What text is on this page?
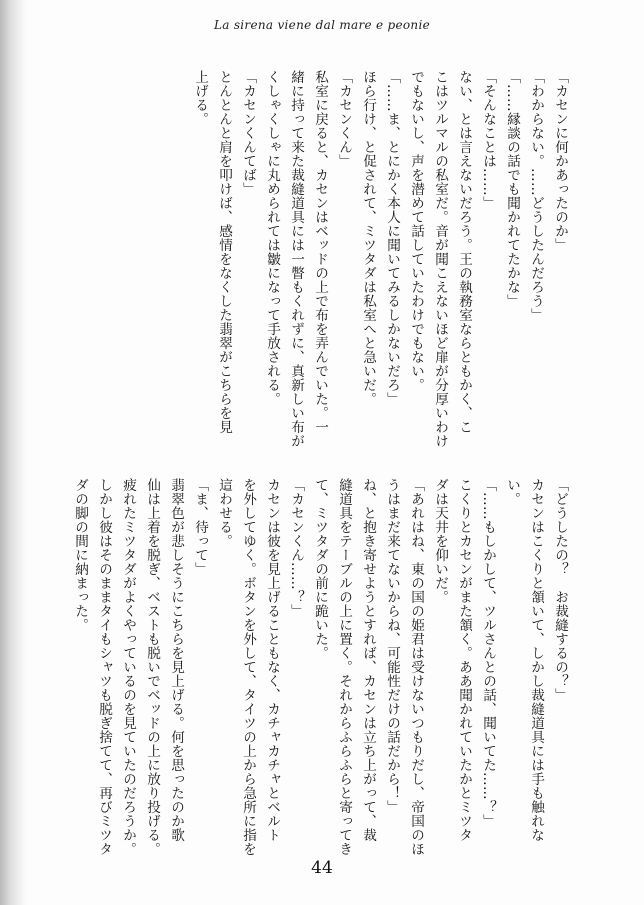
La sirena viene dal mare e peonie

「カセンに何かあったのか」

「わからない。……どうしたんだろう」

「……縁談の話でも聞かれてたかな」

「そんなことは……」

ない、とは言えないだろう。王の執務室ならともかく、こ

こはツルマルの私室だ。音が聞こえないほど扉が分厚いわけ

でもないし、声を潜めて話していたわけでもない。

「……ま、とにかく本人に聞いてみるしかないだろ」

ほら行け、と促されて、ミツタダは私室へと急いだ。

「カセンくん」

私室に戻ると、カセンはベッドの上で布を弄んでいた。一

緒に持って来た裁縫道具には一瞥もくれずに、真新しい布が

くしゃくしゃに丸められては皺になって手放される。

「カセンくんてば」

とんとんと肩を叩けば、感情をなくした翡翠がこちらを見

上げる。

「どうしたの？　お裁縫するの？」

カセンはこくりと頷いて、しかし裁縫道具には手も触れな

い。

「……もしかして、ツルさんとの話、聞いてた……？」

こくりとカセンがまた頷く。ああ聞かれていたかとミツタ

ダは天井を仰いだ。

「あれはね、東の国の姫君は受けないつもりだし、帝国のほ

うはまだ来てないからね、可能性だけの話だから！」

ね、と抱き寄せようとすれば、カセンは立ち上がって、裁

縫道具をテーブルの上に置く。それからふらふらと寄ってき

て、ミツタダの前に跪いた。

「カセンくん……？」

カセンは彼を見上げることもなく、カチャカチャとベルト

を外してゆく。ボタンを外して、タイツの上から急所に指を

這わせる。

「ま、待って」

翡翠色が悲しそうにこちらを見上げる。何を思ったのか歌

仙は上着を脱ぎ、ベストも脱いでベッドの上に放り投げる。

疲れたミツタダがよくやっているのを見ていたのだろうか。

しかし彼はそのままタイもシャツも脱ぎ捨てて、再びミツタ

ダの脚の間に納まった。

44
